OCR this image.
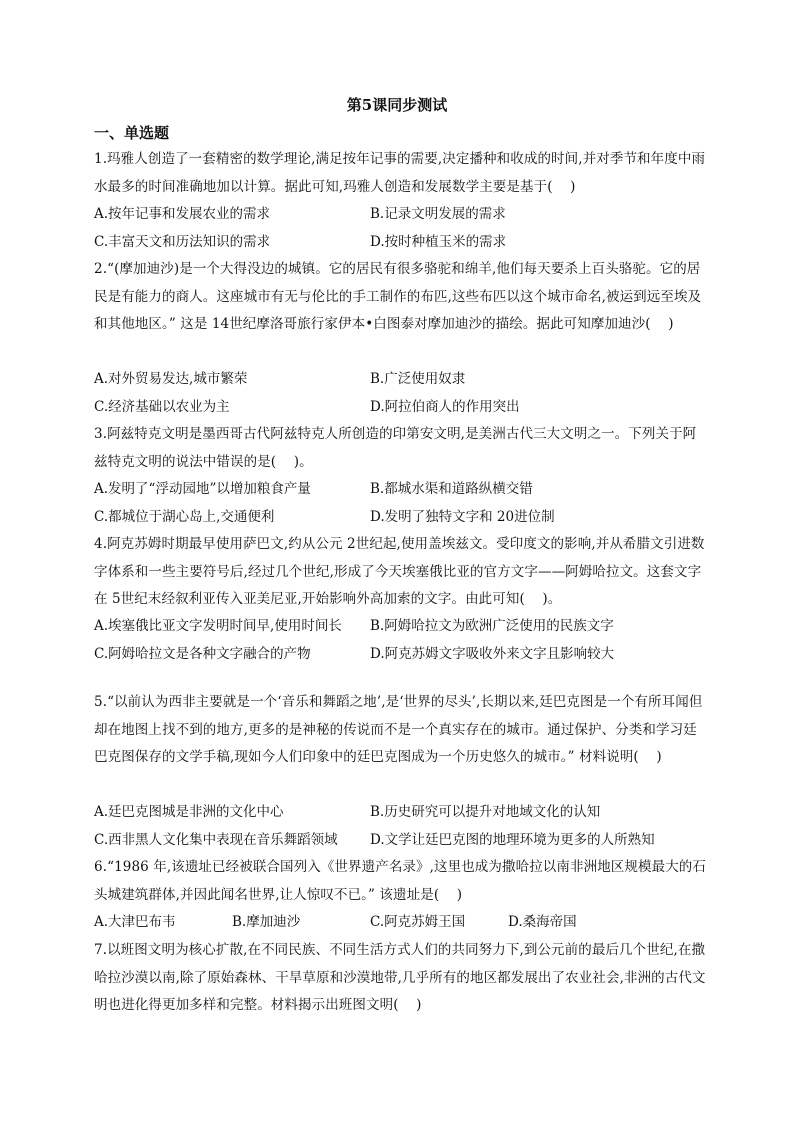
第5课同步测试
一、单选题
1.玛雅人创造了一套精密的数学理论,满足按年记事的需要,决定播种和收成的时间,并对季节和年度中雨水最多的时间准确地加以计算。据此可知,玛雅人创造和发展数学主要是基于(    )
A.按年记事和发展农业的需求	B.记录文明发展的需求
C.丰富天文和历法知识的需求	D.按时种植玉米的需求
2.“(摩加迪沙)是一个大得没边的城镇。它的居民有很多骆驼和绵羊,他们每天要杀上百头骆驼。它的居民是有能力的商人。这座城市有无与伦比的手工制作的布匹,这些布匹以这个城市命名,被运到远至埃及和其他地区。” 这是 14世纪摩洛哥旅行家伊本•白图泰对摩加迪沙的描绘。据此可知摩加迪沙(    )
A.对外贸易发达,城市繁荣	B.广泛使用奴隶
C.经济基础以农业为主	D.阿拉伯商人的作用突出
3.阿兹特克文明是墨西哥古代阿兹特克人所创造的印第安文明,是美洲古代三大文明之一。下列关于阿兹特克文明的说法中错误的是(    )。
A.发明了“浮动园地”以增加粮食产量	B.都城水渠和道路纵横交错
C.都城位于湖心岛上,交通便利	D.发明了独特文字和 20进位制
4.阿克苏姆时期最早使用萨巴文,约从公元 2世纪起,使用盖埃兹文。受印度文的影响,并从希腊文引进数字体系和一些主要符号后,经过几个世纪,形成了今天埃塞俄比亚的官方文字——阿姆哈拉文。这套文字在 5世纪末经叙利亚传入亚美尼亚,开始影响外高加索的文字。由此可知(    )。
A.埃塞俄比亚文字发明时间早,使用时间长 B.阿姆哈拉文为欧洲广泛使用的民族文字
C.阿姆哈拉文是各种文字融合的产物	D.阿克苏姆文字吸收外来文字且影响较大
5.“以前认为西非主要就是一个‘音乐和舞蹈之地’,是‘世界的尽头’,长期以来,廷巴克图是一个有所耳闻但却在地图上找不到的地方,更多的是神秘的传说而不是一个真实存在的城市。通过保护、分类和学习廷巴克图保存的文学手稿,现如今人们印象中的廷巴克图成为一个历史悠久的城市。” 材料说明(    )
A.廷巴克图城是非洲的文化中心	B.历史研究可以提升对地域文化的认知
C.西非黑人文化集中表现在音乐舞蹈领域 D.文学让廷巴克图的地理环境为更多的人所熟知
6.“1986 年,该遗址已经被联合国列入《世界遗产名录》,这里也成为撒哈拉以南非洲地区规模最大的石头城建筑群体,并因此闻名世界,让人惊叹不已。” 该遗址是(    )
A.大津巴布韦	B.摩加迪沙	C.阿克苏姆王国	D.桑海帝国
7.以班图文明为核心扩散,在不同民族、不同生活方式人们的共同努力下,到公元前的最后几个世纪,在撒哈拉沙漠以南,除了原始森林、干旱草原和沙漠地带,几乎所有的地区都发展出了农业社会,非洲的古代文明也进化得更加多样和完整。材料揭示出班图文明(    )
